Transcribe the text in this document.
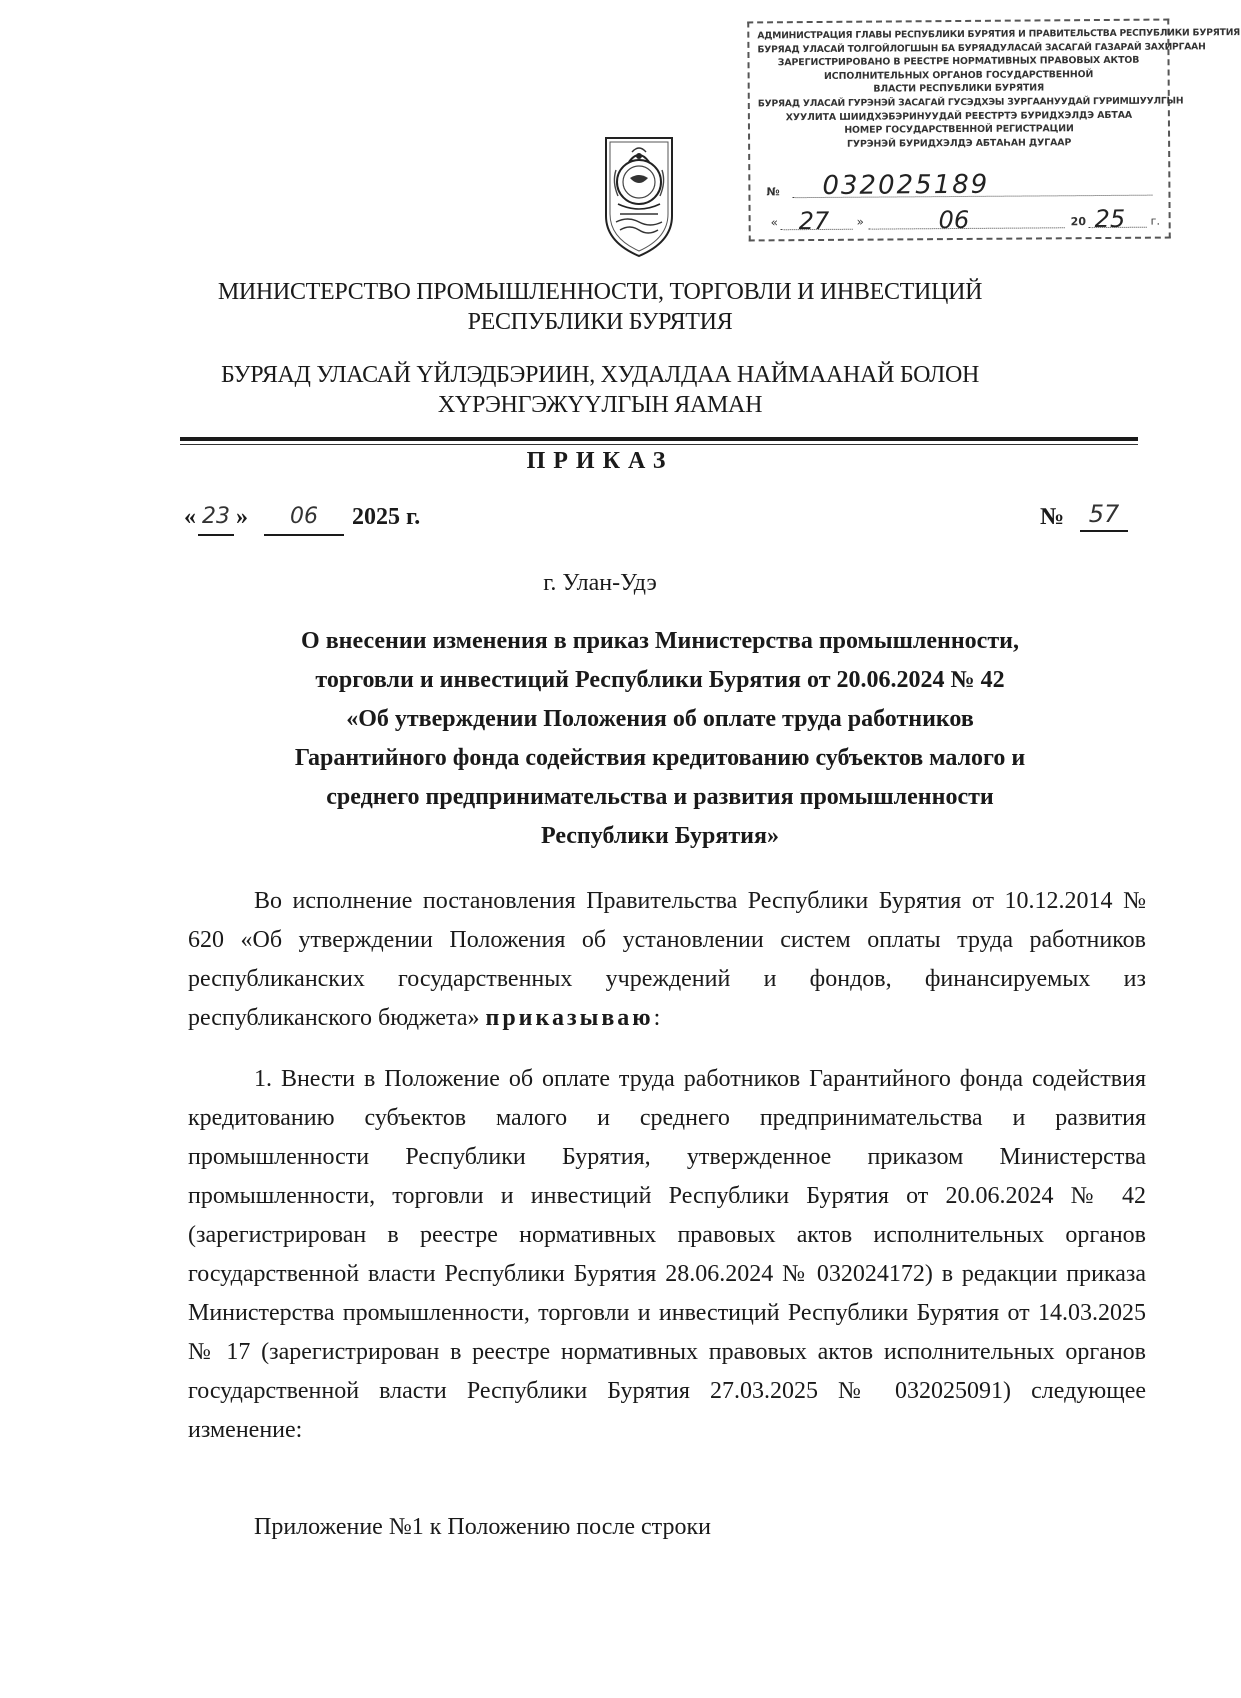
АДМИНИСТРАЦИЯ ГЛАВЫ РЕСПУБЛИКИ БУРЯТИЯ И ПРАВИТЕЛЬСТВА РЕСПУБЛИКИ БУРЯТИЯ
БУРЯАД УЛАСАЙ ТОЛГОЙЛОГШЫН БА БУРЯАДУЛАСАЙ ЗАСАГАЙ ГАЗАРАЙ ЗАХИРГААН
ЗАРЕГИСТРИРОВАНО В РЕЕСТРЕ НОРМАТИВНЫХ ПРАВОВЫХ АКТОВ
ИСПОЛНИТЕЛЬНЫХ ОРГАНОВ ГОСУДАРСТВЕННОЙ
ВЛАСТИ РЕСПУБЛИКИ БУРЯТИЯ
БУРЯАД УЛАСАЙ ГУРЭНЭЙ ЗАСАГАЙ ГУСЭДХЭЫ ЗУРГААНУУДАЙ ГУРИМШУУЛГЫН
ХУУЛИТА ШИИДХЭБЭРИНУУДАЙ РЕЕСТРТЭ БУРИДХЭЛДЭ АБТАА
НОМЕР ГОСУДАРСТВЕННОЙ РЕГИСТРАЦИИ
ГУРЭНЭЙ БУРИДХЭЛДЭ АБТАҺАН ДУГААР
№ 032025189
« 27 »	06	20 25 г.
МИНИСТЕРСТВО ПРОМЫШЛЕННОСТИ, ТОРГОВЛИ И ИНВЕСТИЦИЙ
РЕСПУБЛИКИ БУРЯТИЯ
БУРЯАД УЛАСАЙ ҮЙЛЭДБЭРИИН, ХУДАЛДАА НАЙМААНАЙ БОЛОН
ХҮРЭНГЭЖҮҮЛГЫН ЯАМАН
ПРИКАЗ
« 23 »	06	2025 г.	№	57
г. Улан-Удэ
О внесении изменения в приказ Министерства промышленности,
торговли и инвестиций Республики Бурятия от 20.06.2024 № 42
«Об утверждении Положения об оплате труда работников
Гарантийного фонда содействия кредитованию субъектов малого и
среднего предпринимательства и развития промышленности
Республики Бурятия»
Во исполнение постановления Правительства Республики Бурятия от 10.12.2014 № 620 «Об утверждении Положения об установлении систем оплаты труда работников республиканских государственных учреждений и фондов, финансируемых из республиканского бюджета» приказываю:
1. Внести в Положение об оплате труда работников Гарантийного фонда содействия кредитованию субъектов малого и среднего предпринимательства и развития промышленности Республики Бурятия, утвержденное приказом Министерства промышленности, торговли и инвестиций Республики Бурятия от 20.06.2024 № 42 (зарегистрирован в реестре нормативных правовых актов исполнительных органов государственной власти Республики Бурятия 28.06.2024 № 032024172) в редакции приказа Министерства промышленности, торговли и инвестиций Республики Бурятия от 14.03.2025 № 17 (зарегистрирован в реестре нормативных правовых актов исполнительных органов государственной власти Республики Бурятия 27.03.2025 № 032025091) следующее изменение:
Приложение №1 к Положению после строки
